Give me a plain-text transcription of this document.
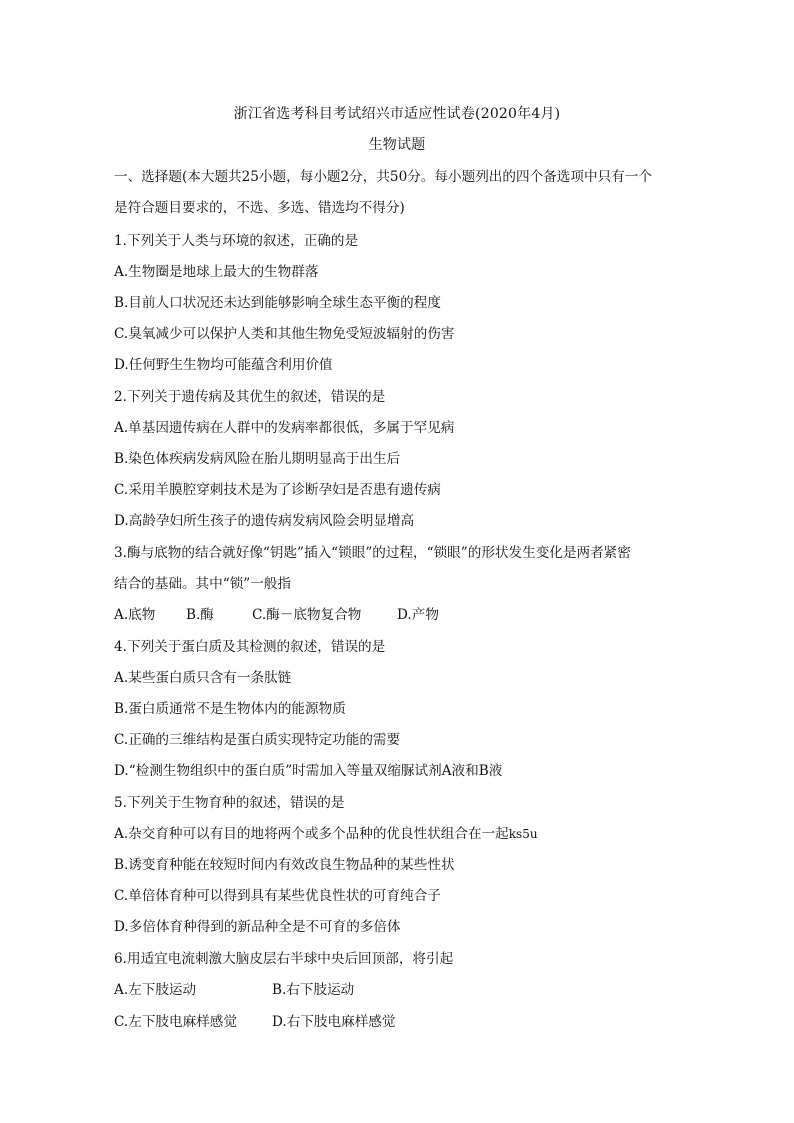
浙江省选考科目考试绍兴市适应性试卷(2020年4月)
生物试题
一、选择题(本大题共25小题，每小题2分，共50分。每小题列出的四个备选项中只有一个
是符合题目要求的，不选、多选、错选均不得分)
1.下列关于人类与环境的叙述，正确的是
A.生物圈是地球上最大的生物群落
B.目前人口状况还未达到能够影响全球生态平衡的程度
C.臭氧减少可以保护人类和其他生物免受短波辐射的伤害
D.任何野生生物均可能蕴含利用价值
2.下列关于遗传病及其优生的叙述，错误的是
A.单基因遗传病在人群中的发病率都很低，多属于罕见病
B.染色体疾病发病风险在胎儿期明显高于出生后
C.采用羊膜腔穿刺技术是为了诊断孕妇是否患有遗传病
D.高龄孕妇所生孩子的遗传病发病风险会明显增高
3.酶与底物的结合就好像“钥匙”插入“锁眼”的过程，“锁眼”的形状发生变化是两者紧密
结合的基础。其中“锁”一般指
A.底物 B.酶	C.酶－底物复合物	D.产物
4.下列关于蛋白质及其检测的叙述，错误的是
A.某些蛋白质只含有一条肽链
B.蛋白质通常不是生物体内的能源物质
C.正确的三维结构是蛋白质实现特定功能的需要
D.“检测生物组织中的蛋白质”时需加入等量双缩脲试剂A液和B液
5.下列关于生物育种的叙述，错误的是
A.杂交育种可以有目的地将两个或多个品种的优良性状组合在一起ks5u
B.诱变育种能在较短时间内有效改良生物品种的某些性状
C.单倍体育种可以得到具有某些优良性状的可育纯合子
D.多倍体育种得到的新品种全是不可育的多倍体
6.用适宜电流刺激大脑皮层右半球中央后回顶部，将引起
A.左下肢运动	B.右下肢运动
C.左下肢电麻样感觉	D.右下肢电麻样感觉
